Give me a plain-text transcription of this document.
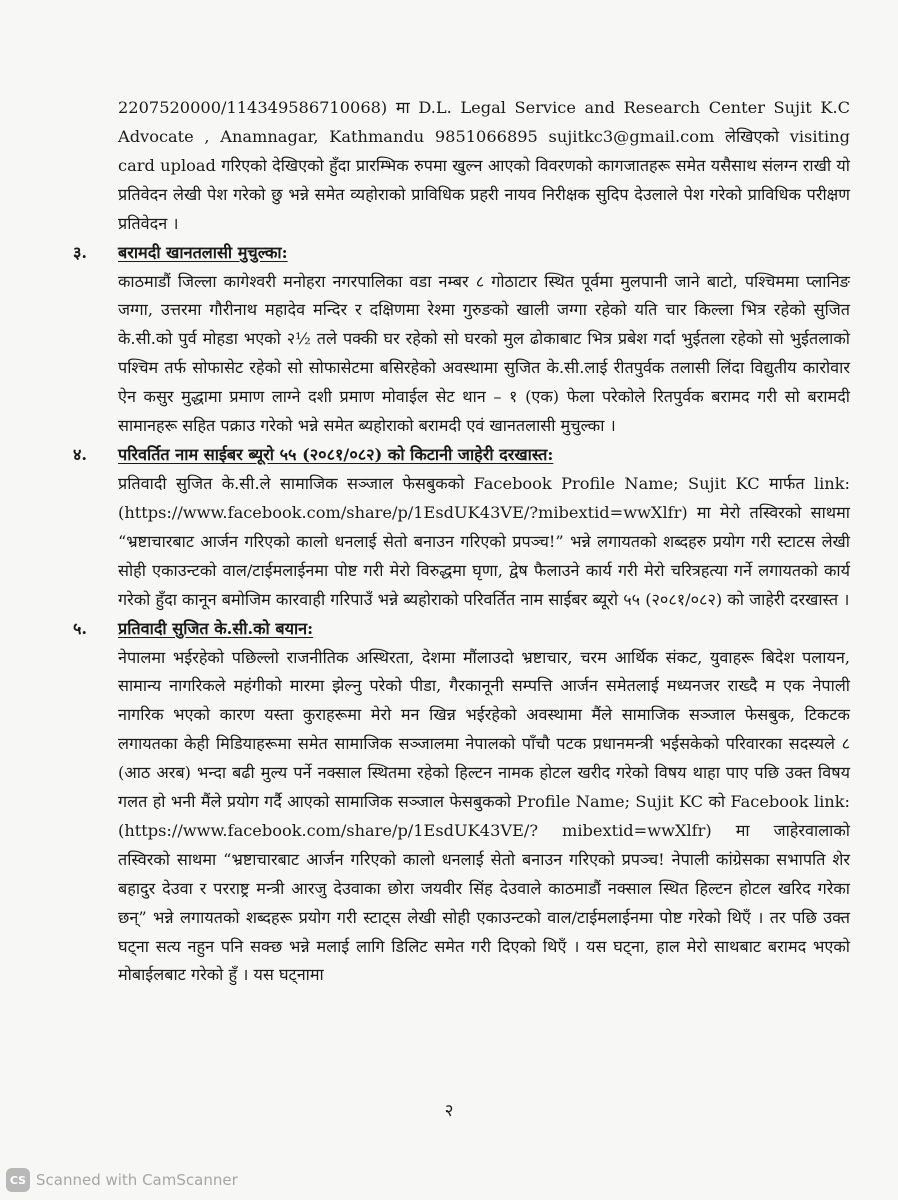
2207520000/114349586710068) मा D.L. Legal Service and Research Center Sujit K.C Advocate , Anamnagar, Kathmandu 9851066895 sujitkc3@gmail.com लेखिएको visiting card upload गरिएको देखिएको हुँदा प्रारम्भिक रुपमा खुल्न आएको विवरणको कागजातहरू समेत यसैसाथ संलग्न राखी यो प्रतिवेदन लेखी पेश गरेको छु भन्ने समेत व्यहोराको प्राविधिक प्रहरी नायव निरीक्षक सुदिप देउलाले पेश गरेको प्राविधिक परीक्षण प्रतिवेदन ।

३.	बरामदी खानतलासी मुचुल्का:

काठमाडौं जिल्ला कागेश्वरी मनोहरा नगरपालिका वडा नम्बर ८ गोठाटार स्थित पूर्वमा मुलपानी जाने बाटो, पश्चिममा प्लानिङ जग्गा, उत्तरमा गौरीनाथ महादेव मन्दिर र दक्षिणमा रेश्मा गुरुङको खाली जग्गा रहेको यति चार किल्ला भित्र रहेको सुजित के.सी.को पुर्व मोहडा भएको २½ तले पक्की घर रहेको सो घरको मुल ढोकाबाट भित्र प्रबेश गर्दा भुईतला रहेको सो भुईतलाको पश्चिम तर्फ सोफासेट रहेको सो सोफासेटमा बसिरहेको अवस्थामा सुजित के.सी.लाई रीतपुर्वक तलासी लिंदा विद्युतीय कारोवार ऐन कसुर मुद्धामा प्रमाण लाग्ने दशी प्रमाण मोवाईल सेट थान – १ (एक) फेला परेकोले रितपुर्वक बरामद गरी सो बरामदी सामानहरू सहित पक्राउ गरेको भन्ने समेत ब्यहोराको बरामदी एवं खानतलासी मुचुल्का ।

४.	परिवर्तित नाम साईबर ब्यूरो ५५ (२०८१/०८२) को किटानी जाहेरी दरखास्त:

प्रतिवादी सुजित के.सी.ले सामाजिक सञ्जाल फेसबुकको Facebook Profile Name; Sujit KC मार्फत link: (https://www.facebook.com/share/p/1EsdUK43VE/?mibextid=wwXlfr) मा मेरो तस्विरको साथमा “भ्रष्टाचारबाट आर्जन गरिएको कालो धनलाई सेतो बनाउन गरिएको प्रपञ्च!” भन्ने लगायतको शब्दहरु प्रयोग गरी स्टाटस लेखी सोही एकाउन्टको वाल/टाईमलाईनमा पोष्ट गरी मेरो विरुद्धमा घृणा, द्वेष फैलाउने कार्य गरी मेरो चरित्रहत्या गर्ने लगायतको कार्य गरेको हुँदा कानून बमोजिम कारवाही गरिपाउँ भन्ने ब्यहोराको परिवर्तित नाम साईबर ब्यूरो ५५ (२०८१/०८२) को जाहेरी दरखास्त ।

५.	प्रतिवादी सुजित के.सी.को बयान:

नेपालमा भईरहेको पछिल्लो राजनीतिक अस्थिरता, देशमा मौंलाउदो भ्रष्टाचार, चरम आर्थिक संकट, युवाहरू बिदेश पलायन, सामान्य नागरिकले महंगीको मारमा झेल्नु परेको पीडा, गैरकानूनी सम्पत्ति आर्जन समेतलाई मध्यनजर राख्दै म एक नेपाली नागरिक भएको कारण यस्ता कुराहरूमा मेरो मन खिन्न भईरहेको अवस्थामा मैंले सामाजिक सञ्जाल फेसबुक, टिकटक लगायतका केही मिडियाहरूमा समेत सामाजिक सञ्जालमा नेपालको पाँचौ पटक प्रधानमन्त्री भईसकेको परिवारका सदस्यले ८ (आठ अरब) भन्दा बढी मुल्य पर्ने नक्साल स्थितमा रहेको हिल्टन नामक होटल खरीद गरेको विषय थाहा पाए पछि उक्त विषय गलत हो भनी मैंले प्रयोग गर्दै आएको सामाजिक सञ्जाल फेसबुकको Profile Name; Sujit KC को Facebook link: (https://www.facebook.com/share/p/1EsdUK43VE/? mibextid=wwXlfr) मा जाहेरवालाको तस्विरको साथमा “भ्रष्टाचारबाट आर्जन गरिएको कालो धनलाई सेतो बनाउन गरिएको प्रपञ्च! नेपाली कांग्रेसका सभापति शेर बहादुर देउवा र परराष्ट्र मन्त्री आरजु देउवाका छोरा जयवीर सिंह देउवाले काठमाडौं नक्साल स्थित हिल्टन होटल खरिद गरेका छन्” भन्ने लगायतको शब्दहरू प्रयोग गरी स्टाट्स लेखी सोही एकाउन्टको वाल/टाईमलाईनमा पोष्ट गरेको थिएँ । तर पछि उक्त घट्ना सत्य नहुन पनि सक्छ भन्ने मलाई लागि डिलिट समेत गरी दिएको थिएँ । यस घट्ना, हाल मेरो साथबाट बरामद भएको मोबाईलबाट गरेको हुँ । यस घट्नामा

२
CS Scanned with CamScanner
